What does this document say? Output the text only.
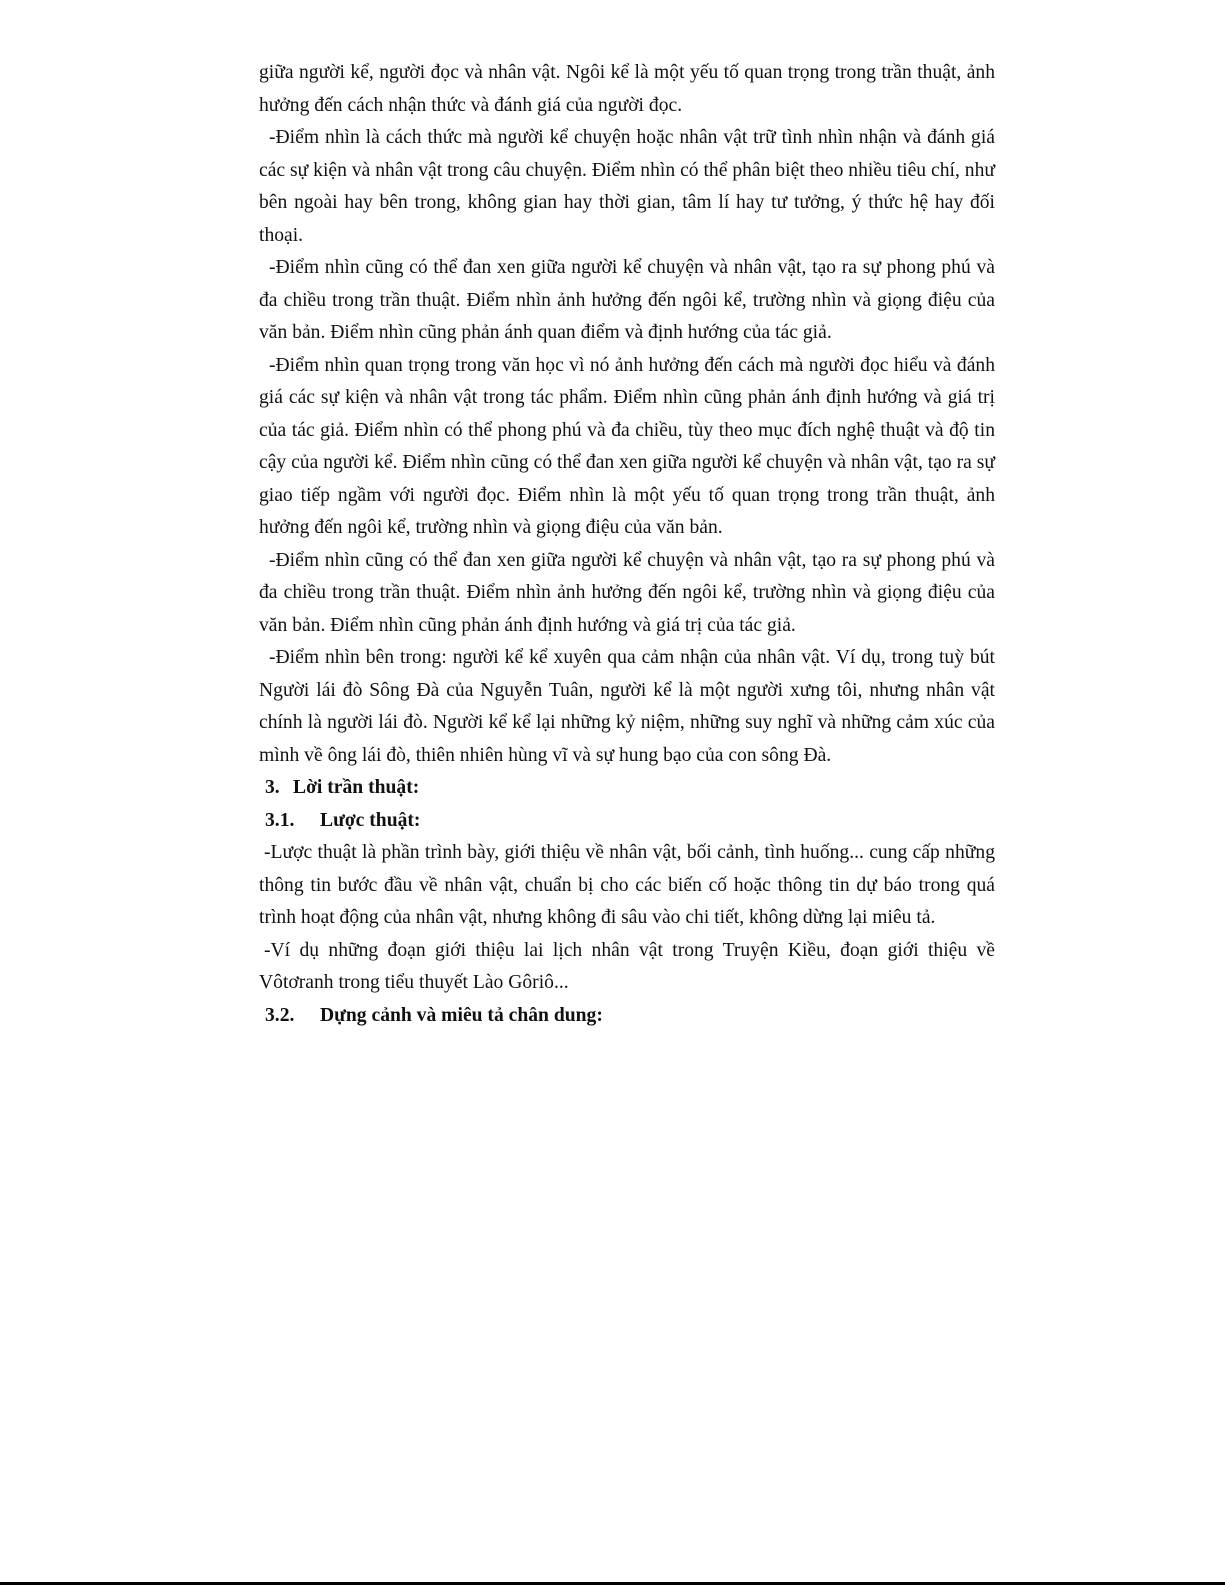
giữa người kể, người đọc và nhân vật. Ngôi kể là một yếu tố quan trọng trong trần thuật, ảnh hưởng đến cách nhận thức và đánh giá của người đọc.

-Điểm nhìn là cách thức mà người kể chuyện hoặc nhân vật trữ tình nhìn nhận và đánh giá các sự kiện và nhân vật trong câu chuyện. Điểm nhìn có thể phân biệt theo nhiều tiêu chí, như bên ngoài hay bên trong, không gian hay thời gian, tâm lí hay tư tưởng, ý thức hệ hay đối thoại.

-Điểm nhìn cũng có thể đan xen giữa người kể chuyện và nhân vật, tạo ra sự phong phú và đa chiều trong trần thuật. Điểm nhìn ảnh hưởng đến ngôi kể, trường nhìn và giọng điệu của văn bản. Điểm nhìn cũng phản ánh quan điểm và định hướng của tác giả.

-Điểm nhìn quan trọng trong văn học vì nó ảnh hưởng đến cách mà người đọc hiểu và đánh giá các sự kiện và nhân vật trong tác phẩm. Điểm nhìn cũng phản ánh định hướng và giá trị của tác giả. Điểm nhìn có thể phong phú và đa chiều, tùy theo mục đích nghệ thuật và độ tin cậy của người kể. Điểm nhìn cũng có thể đan xen giữa người kể chuyện và nhân vật, tạo ra sự giao tiếp ngầm với người đọc. Điểm nhìn là một yếu tố quan trọng trong trần thuật, ảnh hưởng đến ngôi kể, trường nhìn và giọng điệu của văn bản.

-Điểm nhìn cũng có thể đan xen giữa người kể chuyện và nhân vật, tạo ra sự phong phú và đa chiều trong trần thuật. Điểm nhìn ảnh hưởng đến ngôi kể, trường nhìn và giọng điệu của văn bản. Điểm nhìn cũng phản ánh định hướng và giá trị của tác giả.

-Điểm nhìn bên trong: người kể kể xuyên qua cảm nhận của nhân vật. Ví dụ, trong tuỳ bút Người lái đò Sông Đà của Nguyễn Tuân, người kể là một người xưng tôi, nhưng nhân vật chính là người lái đò. Người kể kể lại những kỷ niệm, những suy nghĩ và những cảm xúc của mình về ông lái đò, thiên nhiên hùng vĩ và sự hung bạo của con sông Đà.

3. Lời trần thuật:

3.1. Lược thuật:

-Lược thuật là phần trình bày, giới thiệu về nhân vật, bối cảnh, tình huống... cung cấp những thông tin bước đầu về nhân vật, chuẩn bị cho các biến cố hoặc thông tin dự báo trong quá trình hoạt động của nhân vật, nhưng không đi sâu vào chi tiết, không dừng lại miêu tả.

-Ví dụ những đoạn giới thiệu lai lịch nhân vật trong Truyện Kiều, đoạn giới thiệu về Vôtơranh trong tiểu thuyết Lào Gôriô...

3.2. Dựng cảnh và miêu tả chân dung:
